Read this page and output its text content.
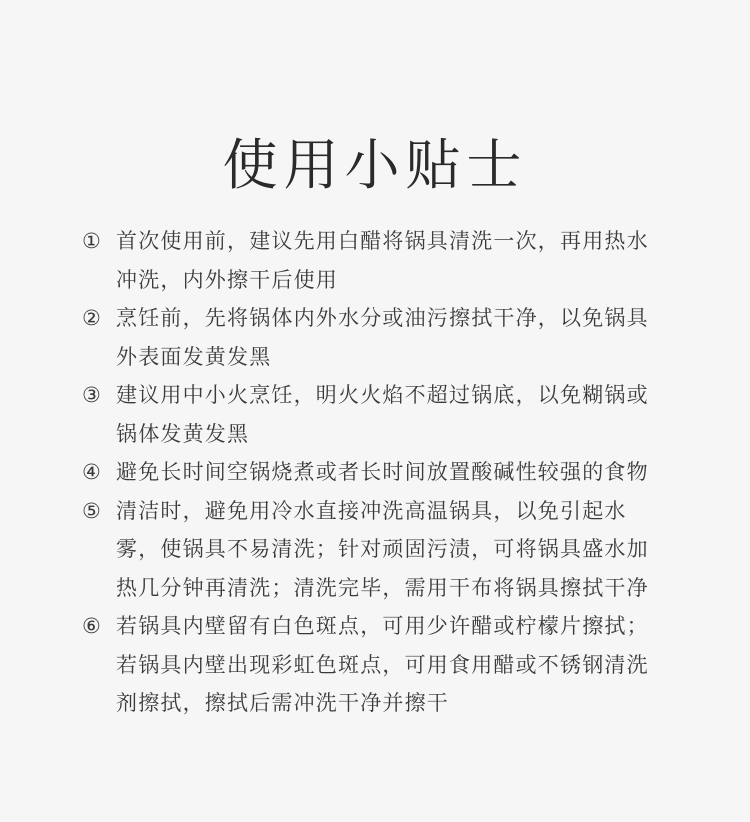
使用小贴士
① 首次使用前，建议先用白醋将锅具清洗一次，再用热水冲洗，内外擦干后使用
② 烹饪前，先将锅体内外水分或油污擦拭干净，以免锅具外表面发黄发黑
③ 建议用中小火烹饪，明火火焰不超过锅底，以免糊锅或锅体发黄发黑
④ 避免长时间空锅烧煮或者长时间放置酸碱性较强的食物
⑤ 清洁时，避免用冷水直接冲洗高温锅具，以免引起水雾，使锅具不易清洗；针对顽固污渍，可将锅具盛水加热几分钟再清洗；清洗完毕，需用干布将锅具擦拭干净
⑥ 若锅具内壁留有白色斑点，可用少许醋或柠檬片擦拭；若锅具内壁出现彩虹色斑点，可用食用醋或不锈钢清洗剂擦拭，擦拭后需冲洗干净并擦干
